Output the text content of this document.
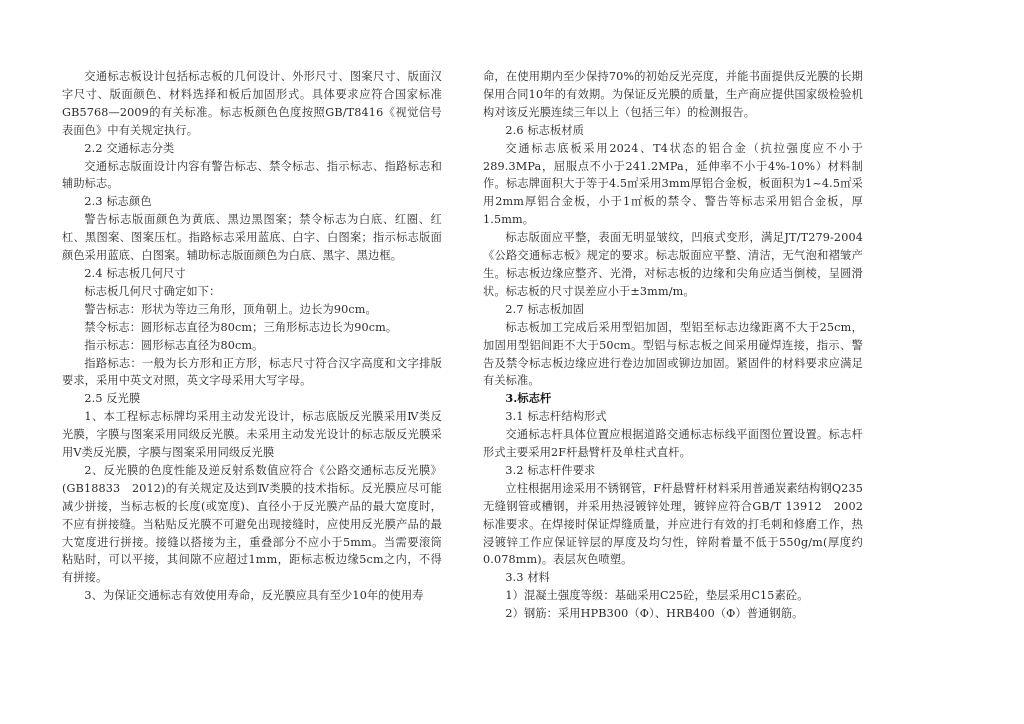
交通标志板设计包括标志板的几何设计、外形尺寸、图案尺寸、版面汉字尺寸、版面颜色、材料选择和板后加固形式。具体要求应符合国家标准GB5768—2009的有关标准。标志板颜色色度按照GB/T8416《视觉信号表面色》中有关规定执行。

2.2 交通标志分类

交通标志版面设计内容有警告标志、禁令标志、指示标志、指路标志和辅助标志。

2.3 标志颜色

警告标志版面颜色为黄底、黑边黑图案；禁令标志为白底、红圈、红杠、黑图案、图案压杠。指路标志采用蓝底、白字、白图案；指示标志版面颜色采用蓝底、白图案。辅助标志版面颜色为白底、黑字、黑边框。

2.4 标志板几何尺寸

标志板几何尺寸确定如下：

警告标志：形状为等边三角形，顶角朝上。边长为90cm。

禁令标志：圆形标志直径为80cm；三角形标志边长为90cm。

指示标志：圆形标志直径为80cm。

指路标志：一般为长方形和正方形，标志尺寸符合汉字高度和文字排版要求，采用中英文对照，英文字母采用大写字母。

2.5 反光膜

1、本工程标志标牌均采用主动发光设计，标志底版反光膜采用Ⅳ类反光膜，字膜与图案采用同级反光膜。未采用主动发光设计的标志版反光膜采用Ⅴ类反光膜，字膜与图案采用同级反光膜

2、反光膜的色度性能及逆反射系数值应符合《公路交通标志反光膜》(GB18833　2012)的有关规定及达到Ⅳ类膜的技术指标。反光膜应尽可能减少拼接，当标志板的长度(或宽度)、直径小于反光膜产品的最大宽度时，不应有拼接缝。当粘贴反光膜不可避免出现接缝时，应使用反光膜产品的最大宽度进行拼接。接缝以搭接为主，重叠部分不应小于5mm。当需要滚筒粘贴时，可以平接，其间隙不应超过1mm，距标志板边缘5cm之内，不得有拼接。

3、为保证交通标志有效使用寿命，反光膜应具有至少10年的使用寿

命，在使用期内至少保持70%的初始反光亮度，并能书面提供反光膜的长期保用合同10年的有效期。为保证反光膜的质量，生产商应提供国家级检验机构对该反光膜连续三年以上（包括三年）的检测报告。

2.6 标志板材质

交通标志底板采用2024、T4状态的铝合金（抗拉强度应不小于289.3MPa，屈服点不小于241.2MPa，延伸率不小于4%-10%）材料制作。标志牌面积大于等于4.5㎡采用3mm厚铝合金板，板面积为1~4.5㎡采用2mm厚铝合金板，小于1㎡板的禁令、警告等标志采用铝合金板，厚1.5mm。

标志版面应平整，表面无明显皱纹，凹痕式变形，满足JT/T279-2004《公路交通标志板》规定的要求。标志版面应平整、清洁，无气泡和褶皱产生。标志板边缘应整齐、光滑，对标志板的边缘和尖角应适当倒棱，呈圆滑状。标志板的尺寸误差应小于±3mm/m。

2.7 标志板加固

标志板加工完成后采用型铝加固，型铝至标志边缘距离不大于25cm，加固用型铝间距不大于50cm。型铝与标志板之间采用碰焊连接，指示、警告及禁令标志板边缘应进行卷边加固或铆边加固。紧固件的材料要求应满足有关标准。

3.标志杆

3.1 标志杆结构形式

交通标志杆具体位置应根据道路交通标志标线平面图位置设置。标志杆形式主要采用2F杆悬臂杆及单柱式直杆。

3.2 标志杆件要求

立柱根据用途采用不锈钢管，F杆悬臂杆材料采用普通炭素结构钢Q235无缝钢管或槽钢，并采用热浸镀锌处理，镀锌应符合GB/T 13912　2002标准要求。在焊接时保证焊缝质量，并应进行有效的打毛刺和修磨工作，热浸镀锌工作应保证锌层的厚度及均匀性，锌附着量不低于550g/m(厚度约0.078mm)。表层灰色喷塑。

3.3 材料

1）混凝土强度等级：基础采用C25砼，垫层采用C15素砼。

2）钢筋：采用HPB300（Φ）、HRB400（Φ）普通钢筋。
